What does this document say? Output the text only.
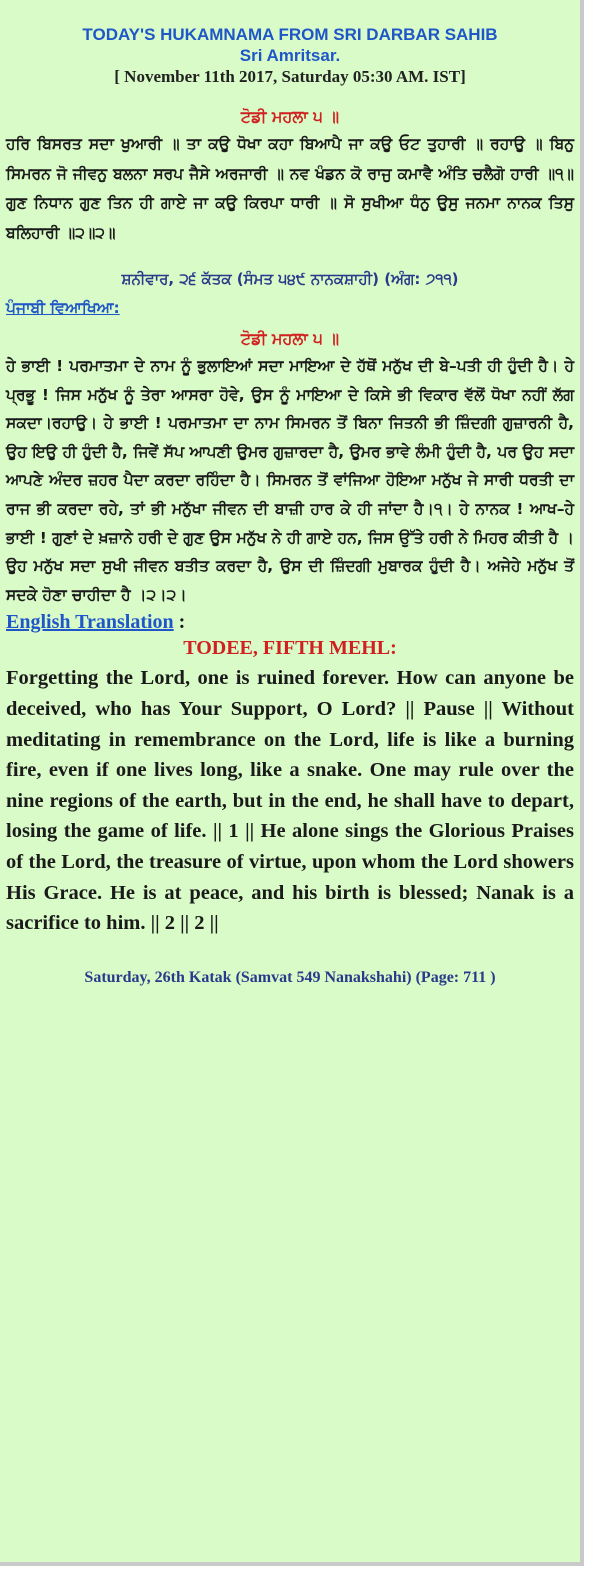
TODAY'S HUKAMNAMA FROM SRI DARBAR SAHIB
Sri Amritsar.
[ November 11th 2017, Saturday 05:30 AM. IST]
ਟੋਡੀ ਮਹਲਾ ੫ ॥

ਹਰਿ ਬਿਸਰਤ ਸਦਾ ਖੁਆਰੀ ॥ ਤਾ ਕਉ ਧੋਖਾ ਕਹਾ ਬਿਆਪੈ ਜਾ ਕਉ ਓਟ ਤੁਹਾਰੀ ॥ ਰਹਾਉ ॥ ਬਿਨੁ ਸਿਮਰਨ ਜੋ ਜੀਵਨੁ ਬਲਨਾ ਸਰਪ ਜੈਸੇ ਅਰਜਾਰੀ ॥ ਨਵ ਖੰਡਨ ਕੋ ਰਾਜੁ ਕਮਾਵੈ ਅੰਤਿ ਚਲੈਗੋ ਹਾਰੀ ॥੧॥ ਗੁਣ ਨਿਧਾਨ ਗੁਣ ਤਿਨ ਹੀ ਗਾਏ ਜਾ ਕਉ ਕਿਰਪਾ ਧਾਰੀ ॥ ਸੋ ਸੁਖੀਆ ਧੰਨੁ ਉਸੁ ਜਨਮਾ ਨਾਨਕ ਤਿਸੁ ਬਲਿਹਾਰੀ ॥੨॥੨॥

ਸ਼ਨੀਵਾਰ, ੨੬ ਕੱਤਕ (ਸੰਮਤ ੫੪੯ ਨਾਨਕਸ਼ਾਹੀ) (ਅੰਗ: ੭੧੧)
ਪੰਜਾਬੀ ਵਿਆਖਿਆ:
ਟੋਡੀ ਮਹਲਾ ੫ ॥

ਹੇ ਭਾਈ ! ਪਰਮਾਤਮਾ ਦੇ ਨਾਮ ਨੂੰ ਭੁਲਾਇਆਂ ਸਦਾ ਮਾਇਆ ਦੇ ਹੱਥੋਂ ਮਨੁੱਖ ਦੀ ਬੇ–ਪਤੀ ਹੀ ਹੁੰਦੀ ਹੈ। ਹੇ ਪ੍ਰਭੂ ! ਜਿਸ ਮਨੁੱਖ ਨੂੰ ਤੇਰਾ ਆਸਰਾ ਹੋਵੇ, ਉਸ ਨੂੰ ਮਾਇਆ ਦੇ ਕਿਸੇ ਭੀ ਵਿਕਾਰ ਵੱਲੋਂ ਧੋਖਾ ਨਹੀਂ ਲੱਗ ਸਕਦਾ।ਰਹਾਉ। ਹੇ ਭਾਈ ! ਪਰਮਾਤਮਾ ਦਾ ਨਾਮ ਸਿਮਰਨ ਤੋਂ ਬਿਨਾ ਜਿਤਨੀ ਭੀ ਜ਼ਿੰਦਗੀ ਗੁਜ਼ਾਰਨੀ ਹੈ, ਉਹ ਇਉ ਹੀ ਹੁੰਦੀ ਹੈ, ਜਿਵੇਂ ਸੱਪ ਆਪਣੀ ਉਮਰ ਗੁਜ਼ਾਰਦਾ ਹੈ, ਉਮਰ ਭਾਵੇ ਲੰਮੀ ਹੁੰਦੀ ਹੈ, ਪਰ ਉਹ ਸਦਾ ਆਪਣੇ ਅੰਦਰ ਜ਼ਹਰ ਪੈਦਾ ਕਰਦਾ ਰਹਿੰਦਾ ਹੈ। ਸਿਮਰਨ ਤੋਂ ਵਾਂਜਿਆ ਹੋਇਆ ਮਨੁੱਖ ਜੇ ਸਾਰੀ ਧਰਤੀ ਦਾ ਰਾਜ ਭੀ ਕਰਦਾ ਰਹੇ, ਤਾਂ ਭੀ ਮਨੁੱਖਾ ਜੀਵਨ ਦੀ ਬਾਜ਼ੀ ਹਾਰ ਕੇ ਹੀ ਜਾਂਦਾ ਹੈ।੧। ਹੇ ਨਾਨਕ ! ਆਖ–ਹੇ ਭਾਈ ! ਗੁਣਾਂ ਦੇ ਖ਼ਜ਼ਾਨੇ ਹਰੀ ਦੇ ਗੁਣ ਉਸ ਮਨੁੱਖ ਨੇ ਹੀ ਗਾਏ ਹਨ, ਜਿਸ ਉੱਤੇ ਹਰੀ ਨੇ ਮਿਹਰ ਕੀਤੀ ਹੈ । ਉਹ ਮਨੁੱਖ ਸਦਾ ਸੁਖੀ ਜੀਵਨ ਬਤੀਤ ਕਰਦਾ ਹੈ, ਉਸ ਦੀ ਜ਼ਿੰਦਗੀ ਮੁਬਾਰਕ ਹੁੰਦੀ ਹੈ। ਅਜੇਹੇ ਮਨੁੱਖ ਤੋਂ ਸਦਕੇ ਹੋਣਾ ਚਾਹੀਦਾ ਹੈ ।੨।੨।

English Translation :
TODEE, FIFTH MEHL:

Forgetting the Lord, one is ruined forever. How can anyone be deceived, who has Your Support, O Lord? || Pause || Without meditating in remembrance on the Lord, life is like a burning fire, even if one lives long, like a snake. One may rule over the nine regions of the earth, but in the end, he shall have to depart, losing the game of life. || 1 || He alone sings the Glorious Praises of the Lord, the treasure of virtue, upon whom the Lord showers His Grace. He is at peace, and his birth is blessed; Nanak is a sacrifice to him. || 2 || 2 ||

Saturday, 26th Katak (Samvat 549 Nanakshahi) (Page: 711 )
